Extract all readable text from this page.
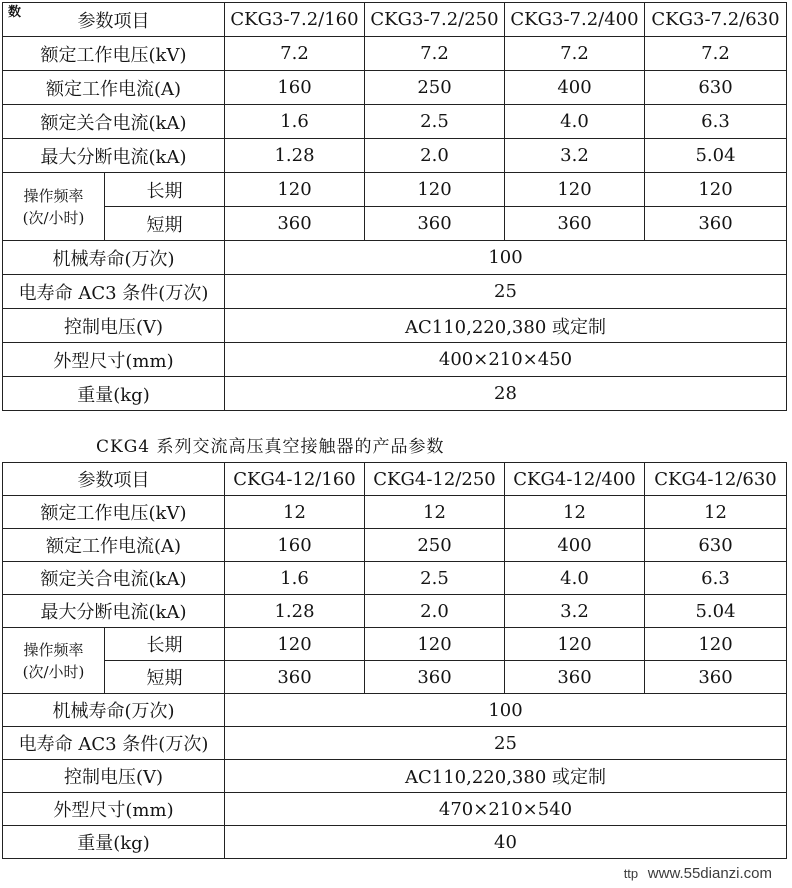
数	参数项目		CKG3-7.2/160	CKG3-7.2/250	CKG3-7.2/400	CKG3-7.2/630
额定工作电压(kV)		7.2	7.2	7.2	7.2
额定工作电流(A)		160	250	400	630
额定关合电流(kA)		1.6	2.5	4.0	6.3
最大分断电流(kA)		1.28	2.0	3.2	5.04
操作频率
(次/小时)	长期	120	120	120	120
	短期	360	360	360	360
机械寿命(万次)		100			
电寿命 AC3 条件(万次)		25			
控制电压(V)		AC110,220,380 或定制			
外型尺寸(mm)		400×210×450			
重量(kg)		28			
CKG4 系列交流高压真空接触器的产品参数
参数项目		CKG4-12/160	CKG4-12/250	CKG4-12/400	CKG4-12/630
额定工作电压(kV)		12	12	12	12
额定工作电流(A)		160	250	400	630
额定关合电流(kA)		1.6	2.5	4.0	6.3
最大分断电流(kA)		1.28	2.0	3.2	5.04
操作频率
(次/小时)	长期	120	120	120	120
	短期	360	360	360	360
机械寿命(万次)		100			
电寿命 AC3 条件(万次)		25			
控制电压(V)		AC110,220,380 或定制			
外型尺寸(mm)		470×210×540			
重量(kg)		40			
ttp www.55dianzi.com
